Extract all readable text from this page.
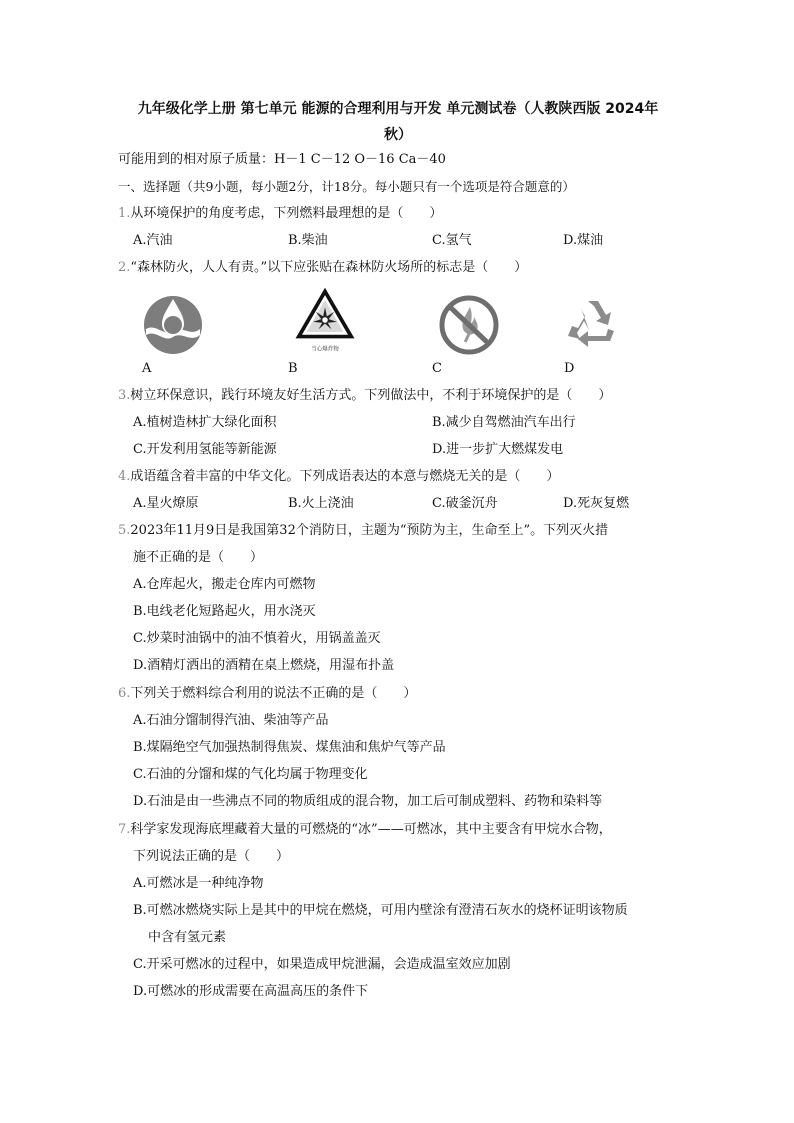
九年级化学上册 第七单元 能源的合理利用与开发 单元测试卷（人教陕西版 2024年
秋）
可能用到的相对原子质量：H－1 C－12 O－16 Ca－40
一、选择题（共9小题，每小题2分，计18分。每小题只有一个选项是符合题意的）
1.从环境保护的角度考虑，下列燃料最理想的是（　　）
A.汽油	B.柴油	C.氢气	D.煤油
2.“森林防火，人人有责。”以下应张贴在森林防火场所的标志是（　　）
当心爆炸物
A	B	C	D
3.树立环保意识，践行环境友好生活方式。下列做法中，不利于环境保护的是（　　）
A.植树造林扩大绿化面积	B.减少自驾燃油汽车出行
C.开发利用氢能等新能源	D.进一步扩大燃煤发电
4.成语蕴含着丰富的中华文化。下列成语表达的本意与燃烧无关的是（　　）
A.星火燎原	B.火上浇油	C.破釜沉舟	D.死灰复燃
5.2023年11月9日是我国第32个消防日，主题为“预防为主，生命至上”。下列灭火措
施不正确的是（　　）
A.仓库起火，搬走仓库内可燃物
B.电线老化短路起火，用水浇灭
C.炒菜时油锅中的油不慎着火，用锅盖盖灭
D.酒精灯洒出的酒精在桌上燃烧，用湿布扑盖
6.下列关于燃料综合利用的说法不正确的是（　　）
A.石油分馏制得汽油、柴油等产品
B.煤隔绝空气加强热制得焦炭、煤焦油和焦炉气等产品
C.石油的分馏和煤的气化均属于物理变化
D.石油是由一些沸点不同的物质组成的混合物，加工后可制成塑料、药物和染料等
7.科学家发现海底埋藏着大量的可燃烧的“冰”——可燃冰，其中主要含有甲烷水合物，
下列说法正确的是（　　）
A.可燃冰是一种纯净物
B.可燃冰燃烧实际上是其中的甲烷在燃烧，可用内壁涂有澄清石灰水的烧杯证明该物质
中含有氢元素
C.开采可燃冰的过程中，如果造成甲烷泄漏，会造成温室效应加剧
D.可燃冰的形成需要在高温高压的条件下
